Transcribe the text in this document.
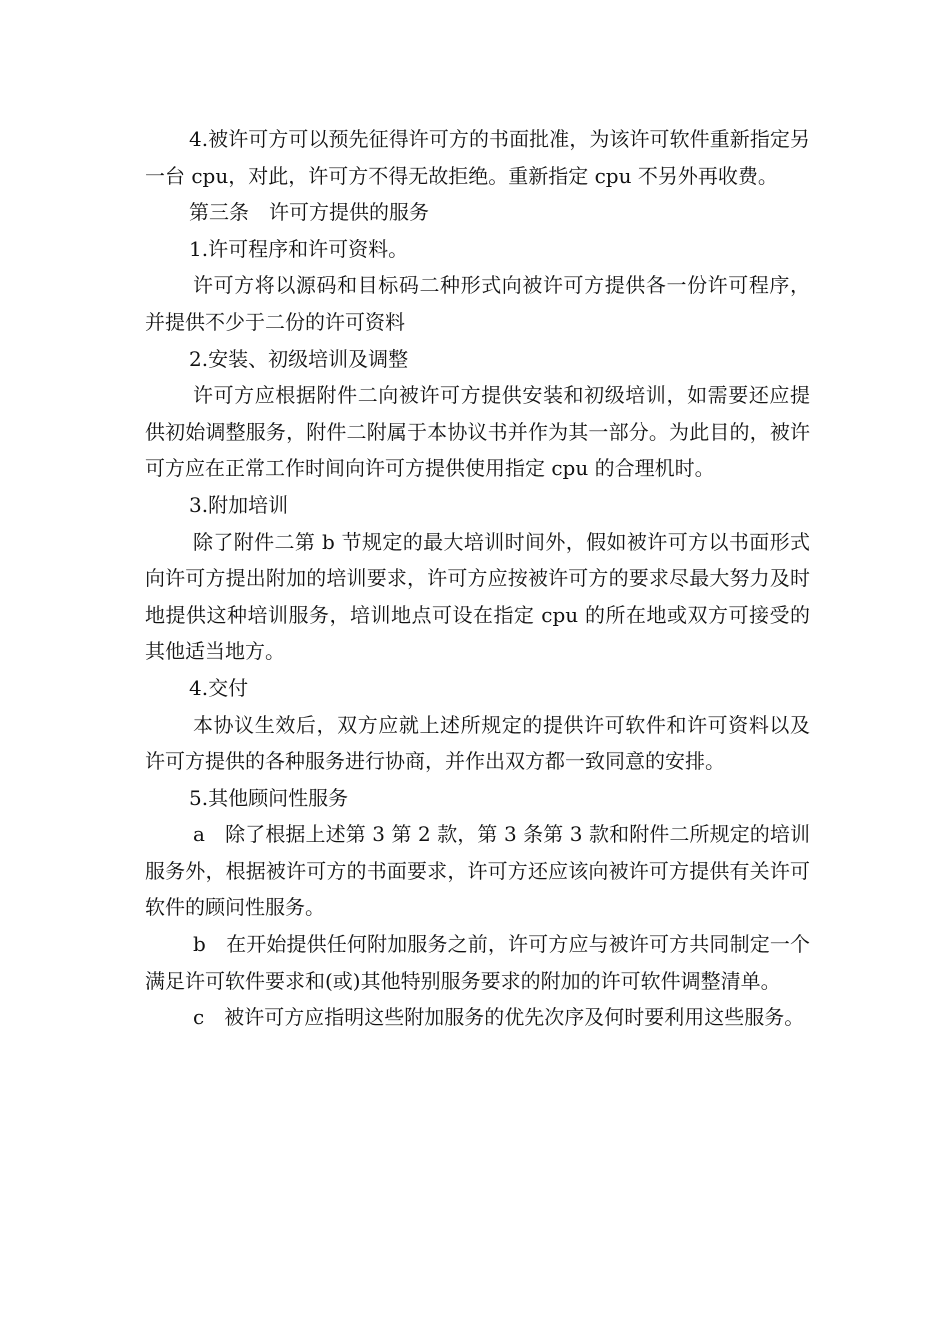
4.被许可方可以预先征得许可方的书面批准，为该许可软件重新指定另一台 cpu，对此，许可方不得无故拒绝。重新指定 cpu 不另外再收费。

第三条　许可方提供的服务

1.许可程序和许可资料。

许可方将以源码和目标码二种形式向被许可方提供各一份许可程序，并提供不少于二份的许可资料

2.安装、初级培训及调整

许可方应根据附件二向被许可方提供安装和初级培训，如需要还应提供初始调整服务，附件二附属于本协议书并作为其一部分。为此目的，被许可方应在正常工作时间向许可方提供使用指定 cpu 的合理机时。

3.附加培训

除了附件二第 b 节规定的最大培训时间外，假如被许可方以书面形式向许可方提出附加的培训要求，许可方应按被许可方的要求尽最大努力及时地提供这种培训服务，培训地点可设在指定 cpu 的所在地或双方可接受的其他适当地方。

4.交付

本协议生效后，双方应就上述所规定的提供许可软件和许可资料以及许可方提供的各种服务进行协商，并作出双方都一致同意的安排。

5.其他顾问性服务

a　除了根据上述第 3 第 2 款，第 3 条第 3 款和附件二所规定的培训服务外，根据被许可方的书面要求，许可方还应该向被许可方提供有关许可软件的顾问性服务。

b　在开始提供任何附加服务之前，许可方应与被许可方共同制定一个满足许可软件要求和(或)其他特别服务要求的附加的许可软件调整清单。

c　被许可方应指明这些附加服务的优先次序及何时要利用这些服务。
